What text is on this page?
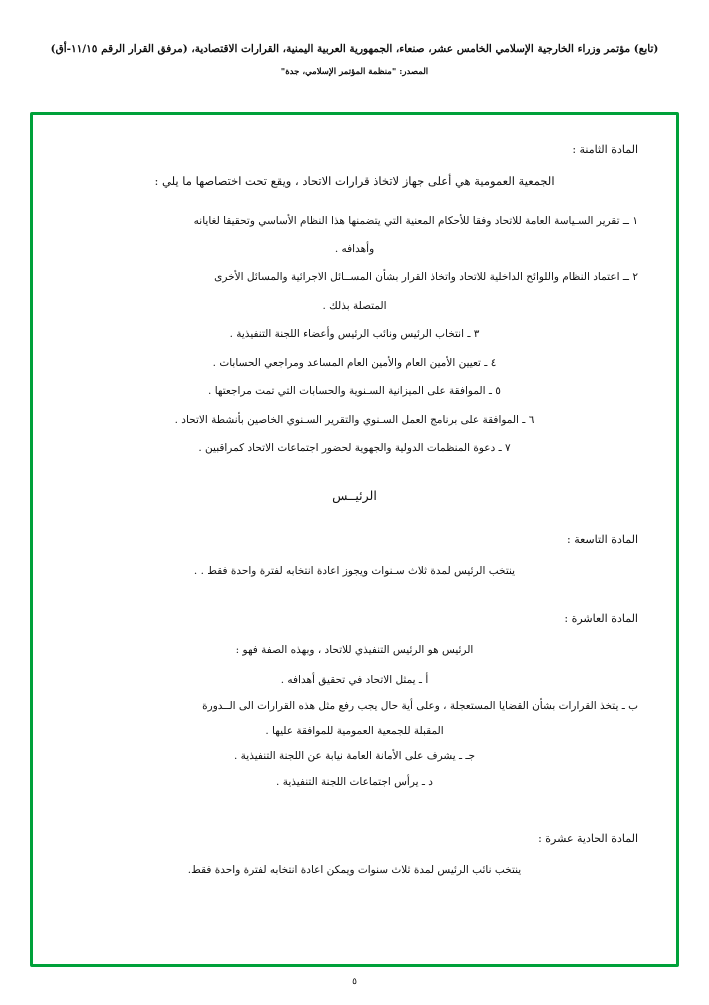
(تابع) مؤتمر وزراء الخارجية الإسلامي الخامس عشر، صنعاء، الجمهورية العربية اليمنية، القرارات الاقتصادية، (مرفق القرار الرقم ١١/١٥-أق)
المصدر: "منظمة المؤتمر الإسلامي، جدة"
المادة الثامنة :
الجمعية العمومية هي أعلى جهاز لاتخاذ قرارات الاتحاد ، ويقع تحت اختصاصها ما يلي :
١ ــ تقرير السـياسة العامة للاتحاد وفقا للأحكام المعنية التي يتضمنها هذا النظام الأساسي وتحقيقا لغايانه
وأهدافه .
٢ ــ اعتماد النظام واللوائح الداخلية للاتحاد واتخاذ القرار بشأن المســائل الاجرائية والمسائل الأخرى
المتصلة بذلك .
٣ ـ انتخاب الرئيس ونائب الرئيس وأعضاء اللجنة التنفيذية .
٤ ـ تعيين الأمين العام والأمين العام المساعد ومراجعي الحسابات .
٥ ـ الموافقة على الميزانية السـنوية والحسابات التي تمت مراجعتها .
٦ ـ الموافقة على برنامج العمل السـنوي والتقرير السـنوي الخاصين بأنشطة الاتحاد .
٧ ـ دعوة المنظمات الدولية والجهوية لحضور اجتماعات الاتحاد كمراقبين .
الرئيــس
المادة التاسعة :
ينتخب الرئيس لمدة ثلاث سـنوات ويجوز اعادة انتخابه لفترة واحدة فقط . .
المادة العاشرة :
الرئيس هو الرئيس التنفيذي للاتحاد ، وبهذه الصفة فهو :
أ ـ يمثل الاتحاد في تحقيق أهدافه .
ب ـ يتخذ القرارات بشأن القضايا المستعجلة ، وعلى أية حال يجب رفع مثل هذه القرارات الى الــدورة
المقبلة للجمعية العمومية للموافقة عليها .
جـ ـ يشرف على الأمانة العامة نيابة عن اللجنة التنفيذية .
د ـ يرأس اجتماعات اللجنة التنفيذية .
المادة الحادية عشرة :
ينتخب نائب الرئيس لمدة ثلاث سنوات ويمكن اعادة انتخابه لفترة واحدة فقط.
٥
